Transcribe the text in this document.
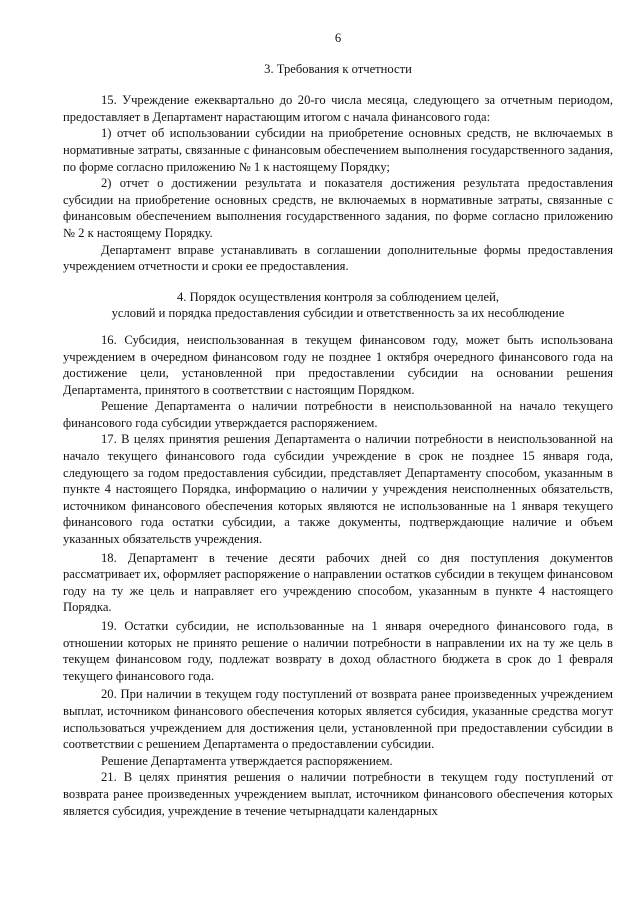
6
3. Требования к отчетности

15. Учреждение ежеквартально до 20-го числа месяца, следующего за отчетным периодом, предоставляет в Департамент нарастающим итогом с начала финансового года:

1) отчет об использовании субсидии на приобретение основных средств, не включаемых в нормативные затраты, связанные с финансовым обеспечением выполнения государственного задания, по форме согласно приложению № 1 к настоящему Порядку;

2) отчет о достижении результата и показателя достижения результата предоставления субсидии на приобретение основных средств, не включаемых в нормативные затраты, связанные с финансовым обеспечением выполнения государственного задания, по форме согласно приложению № 2 к настоящему Порядку.

Департамент вправе устанавливать в соглашении дополнительные формы предоставления учреждением отчетности и сроки ее предоставления.

4. Порядок осуществления контроля за соблюдением целей,
условий и порядка предоставления субсидии и ответственность за их несоблюдение

16. Субсидия, неиспользованная в текущем финансовом году, может быть использована учреждением в очередном финансовом году не позднее 1 октября очередного финансового года на достижение цели, установленной при предоставлении субсидии на основании решения Департамента, принятого в соответствии с настоящим Порядком.

Решение Департамента о наличии потребности в неиспользованной на начало текущего финансового года субсидии утверждается распоряжением.

17. В целях принятия решения Департамента о наличии потребности в неиспользованной на начало текущего финансового года субсидии учреждение в срок не позднее 15 января года, следующего за годом предоставления субсидии, представляет Департаменту способом, указанным в пункте 4 настоящего Порядка, информацию о наличии у учреждения неисполненных обязательств, источником финансового обеспечения которых являются не использованные на 1 января текущего финансового года остатки субсидии, а также документы, подтверждающие наличие и объем указанных обязательств учреждения.

18. Департамент в течение десяти рабочих дней со дня поступления документов рассматривает их, оформляет распоряжение о направлении остатков субсидии в текущем финансовом году на ту же цель и направляет его учреждению способом, указанным в пункте 4 настоящего Порядка.

19. Остатки субсидии, не использованные на 1 января очередного финансового года, в отношении которых не принято решение о наличии потребности в направлении их на ту же цель в текущем финансовом году, подлежат возврату в доход областного бюджета в срок до 1 февраля текущего финансового года.

20. При наличии в текущем году поступлений от возврата ранее произведенных учреждением выплат, источником финансового обеспечения которых является субсидия, указанные средства могут использоваться учреждением для достижения цели, установленной при предоставлении субсидии в соответствии с решением Департамента о предоставлении субсидии.

Решение Департамента утверждается распоряжением.

21. В целях принятия решения о наличии потребности в текущем году поступлений от возврата ранее произведенных учреждением выплат, источником финансового обеспечения которых является субсидия, учреждение в течение четырнадцати календарных
